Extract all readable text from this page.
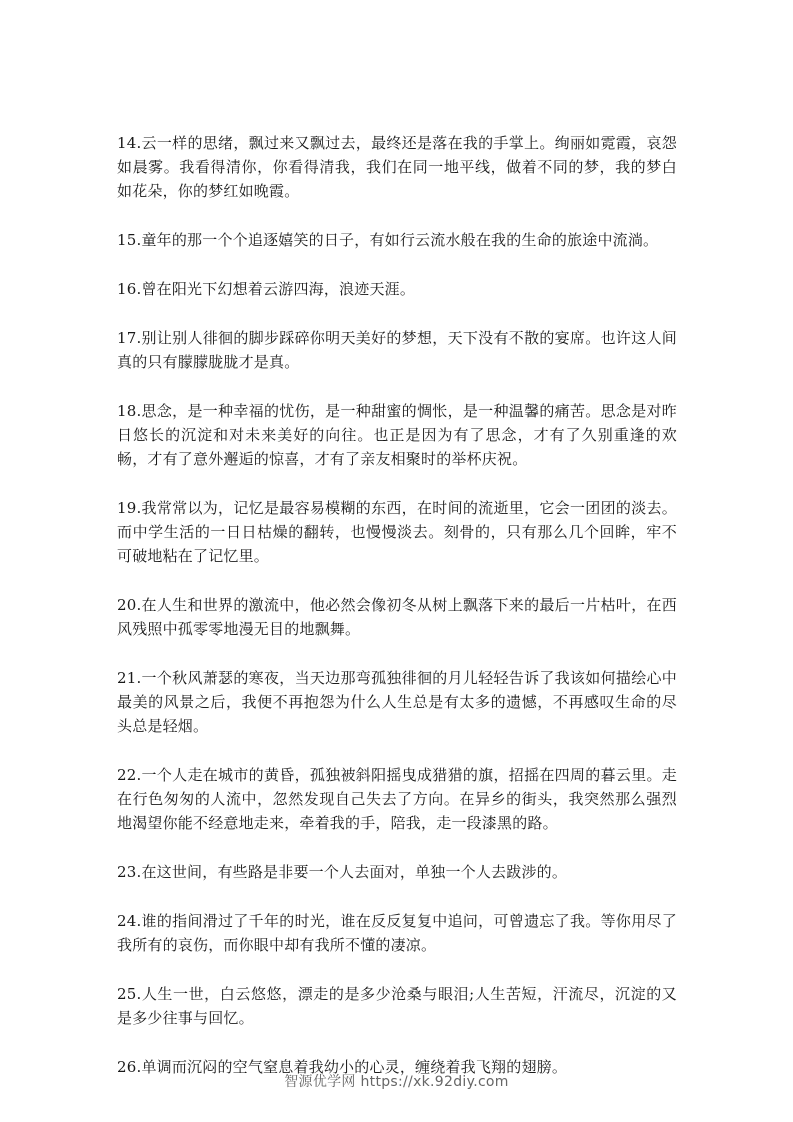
14.云一样的思绪，飘过来又飘过去，最终还是落在我的手掌上。绚丽如霓霞，哀怨如晨雾。我看得清你，你看得清我，我们在同一地平线，做着不同的梦，我的梦白如花朵，你的梦红如晚霞。

15.童年的那一个个追逐嬉笑的日子，有如行云流水般在我的生命的旅途中流淌。

16.曾在阳光下幻想着云游四海，浪迹天涯。

17.别让别人徘徊的脚步踩碎你明天美好的梦想，天下没有不散的宴席。也许这人间真的只有朦朦胧胧才是真。

18.思念，是一种幸福的忧伤，是一种甜蜜的惆怅，是一种温馨的痛苦。思念是对昨日悠长的沉淀和对未来美好的向往。也正是因为有了思念，才有了久别重逢的欢畅，才有了意外邂逅的惊喜，才有了亲友相聚时的举杯庆祝。

19.我常常以为，记忆是最容易模糊的东西，在时间的流逝里，它会一团团的淡去。而中学生活的一日日枯燥的翻转，也慢慢淡去。刻骨的，只有那么几个回眸，牢不可破地粘在了记忆里。

20.在人生和世界的激流中，他必然会像初冬从树上飘落下来的最后一片枯叶，在西风残照中孤零零地漫无目的地飘舞。

21.一个秋风萧瑟的寒夜，当天边那弯孤独徘徊的月儿轻轻告诉了我该如何描绘心中最美的风景之后，我便不再抱怨为什么人生总是有太多的遗憾，不再感叹生命的尽头总是轻烟。

22.一个人走在城市的黄昏，孤独被斜阳摇曳成猎猎的旗，招摇在四周的暮云里。走在行色匆匆的人流中，忽然发现自己失去了方向。在异乡的街头，我突然那么强烈地渴望你能不经意地走来，牵着我的手，陪我，走一段漆黑的路。

23.在这世间，有些路是非要一个人去面对，单独一个人去跋涉的。

24.谁的指间滑过了千年的时光，谁在反反复复中追问，可曾遗忘了我。等你用尽了我所有的哀伤，而你眼中却有我所不懂的凄凉。

25.人生一世，白云悠悠，漂走的是多少沧桑与眼泪;人生苦短，汗流尽，沉淀的又是多少往事与回忆。

26.单调而沉闷的空气窒息着我幼小的心灵，缠绕着我飞翔的翅膀。

智源优学网 https://xk.92diy.com
